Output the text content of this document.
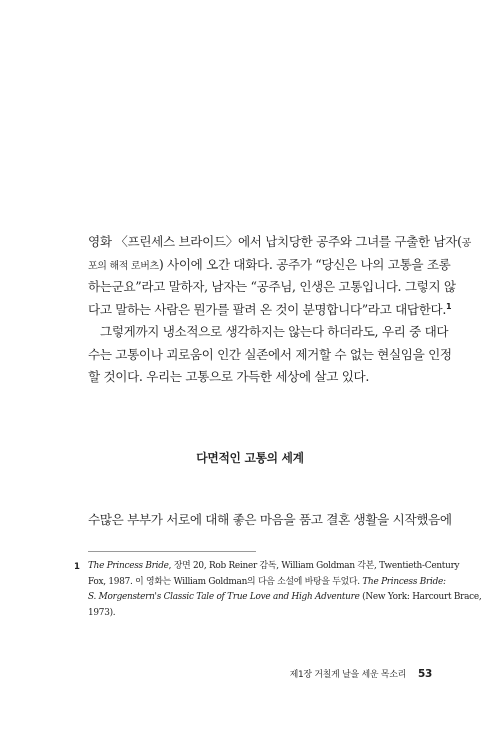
영화 〈프린세스 브라이드〉에서 납치당한 공주와 그녀를 구출한 남자(공
포의 해적 로버츠) 사이에 오간 대화다. 공주가 “당신은 나의 고통을 조롱
하는군요”라고 말하자, 남자는 “공주님, 인생은 고통입니다. 그렇지 않
다고 말하는 사람은 뭔가를 팔려 온 것이 분명합니다”라고 대답한다.$^1$
그렇게까지 냉소적으로 생각하지는 않는다 하더라도, 우리 중 대다
수는 고통이나 괴로움이 인간 실존에서 제거할 수 없는 현실임을 인정
할 것이다. 우리는 고통으로 가득한 세상에 살고 있다.
다면적인 고통의 세계
수많은 부부가 서로에 대해 좋은 마음을 품고 결혼 생활을 시작했음에
1 The Princess Bride, 장면 20, Rob Reiner 감독, William Goldman 각본, Twentieth-Century
Fox, 1987. 이 영화는 William Goldman의 다음 소설에 바탕을 두었다. The Princess Bride:
S. Morgenstern's Classic Tale of True Love and High Adventure (New York: Harcourt Brace,
1973).
제1장 거칠게 날을 세운 목소리 53
